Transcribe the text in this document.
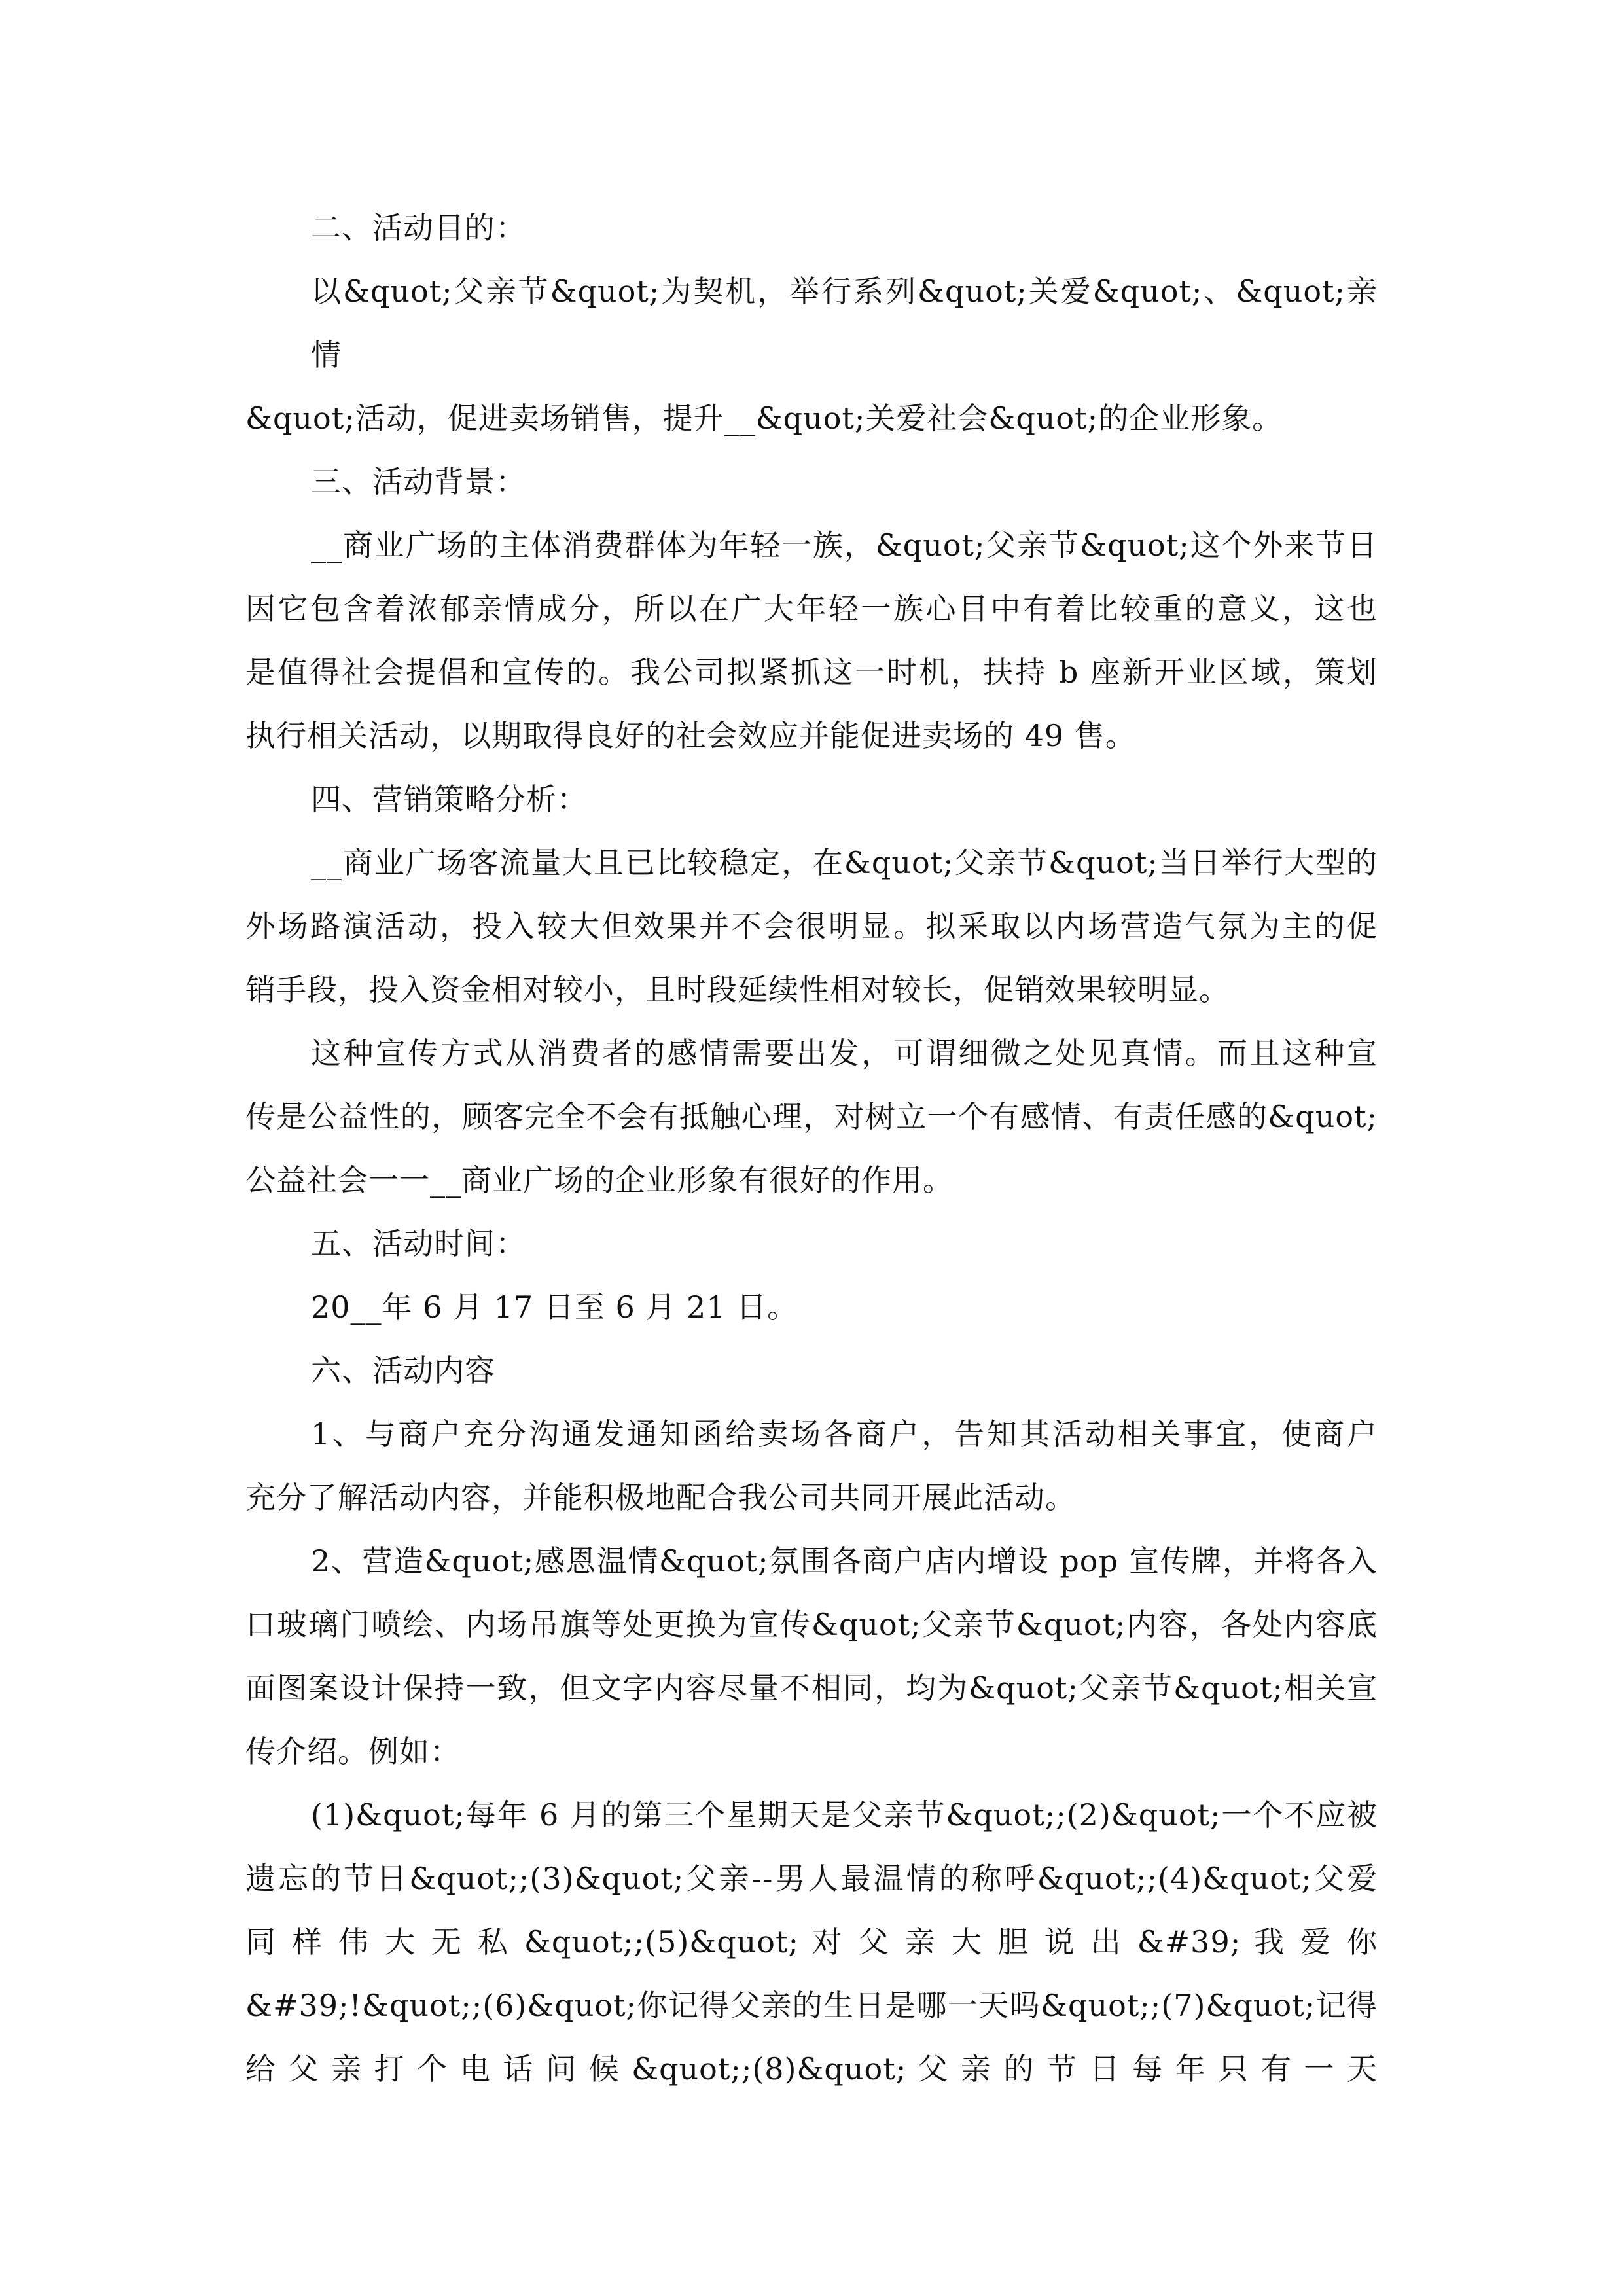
二、活动目的：
以&quot;父亲节&quot;为契机，举行系列&quot;关爱&quot;、&quot;亲情
&quot;活动，促进卖场销售，提升__&quot;关爱社会&quot;的企业形象。
三、活动背景：
__商业广场的主体消费群体为年轻一族，&quot;父亲节&quot;这个外来节日
因它包含着浓郁亲情成分，所以在广大年轻一族心目中有着比较重的意义，这也
是值得社会提倡和宣传的。我公司拟紧抓这一时机，扶持 b 座新开业区域，策划
执行相关活动，以期取得良好的社会效应并能促进卖场的 49 售。
四、营销策略分析：
__商业广场客流量大且已比较稳定，在&quot;父亲节&quot;当日举行大型的
外场路演活动，投入较大但效果并不会很明显。拟采取以内场营造气氛为主的促
销手段，投入资金相对较小，且时段延续性相对较长，促销效果较明显。
这种宣传方式从消费者的感情需要出发，可谓细微之处见真情。而且这种宣
传是公益性的，顾客完全不会有抵触心理，对树立一个有感情、有责任感的&quot;
公益社会一一__商业广场的企业形象有很好的作用。
五、活动时间：
20__年 6 月 17 日至 6 月 21 日。
六、活动内容
1、与商户充分沟通发通知函给卖场各商户，告知其活动相关事宜，使商户
充分了解活动内容，并能积极地配合我公司共同开展此活动。
2、营造&quot;感恩温情&quot;氛围各商户店内增设 pop 宣传牌，并将各入
口玻璃门喷绘、内场吊旗等处更换为宣传&quot;父亲节&quot;内容，各处内容底
面图案设计保持一致，但文字内容尽量不相同，均为&quot;父亲节&quot;相关宣
传介绍。例如：
(1)&quot;每年 6 月的第三个星期天是父亲节&quot;;(2)&quot;一个不应被
遗忘的节日&quot;;(3)&quot;父亲--男人最温情的称呼&quot;;(4)&quot;父爱
同 样 伟 大 无 私 &quot;;(5)&quot; 对 父 亲 大 胆 说 出 &#39; 我 爱 你
&#39;!&quot;;(6)&quot;你记得父亲的生日是哪一天吗&quot;;(7)&quot;记得
给 父 亲 打 个 电 话 问 候 &quot;;(8)&quot; 父 亲 的 节 日 每 年 只 有 一 天
